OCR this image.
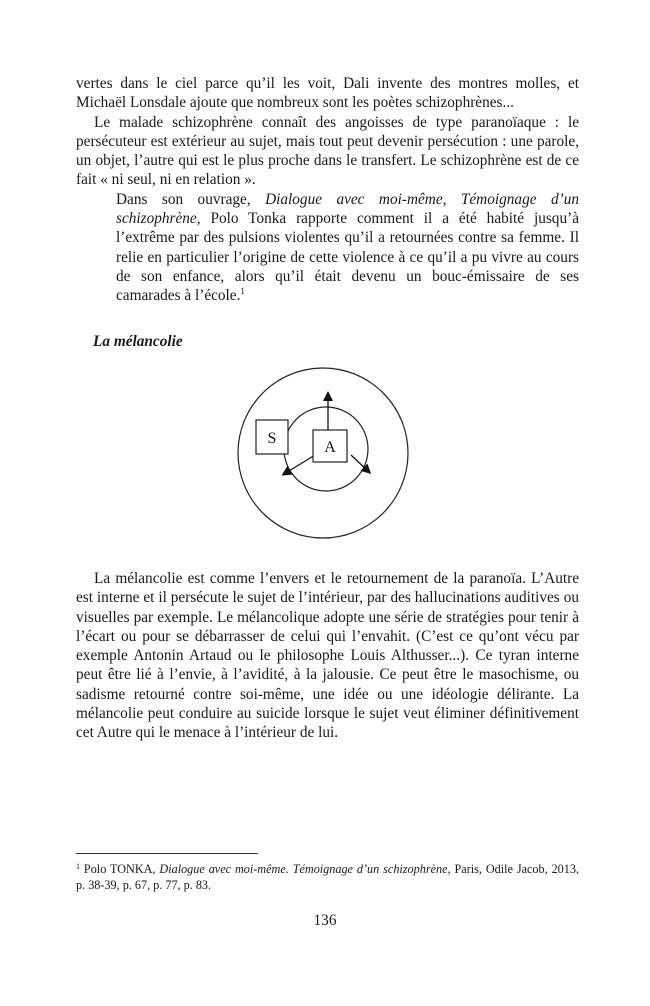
vertes dans le ciel parce qu’il les voit, Dali invente des montres molles, et Michaël Lonsdale ajoute que nombreux sont les poètes schizophrènes...

Le malade schizophrène connaît des angoisses de type paranoïaque : le persécuteur est extérieur au sujet, mais tout peut devenir persécution : une parole, un objet, l’autre qui est le plus proche dans le transfert. Le schizophrène est de ce fait « ni seul, ni en relation ».

Dans son ouvrage, Dialogue avec moi-même, Témoignage d’un schizophrène, Polo Tonka rapporte comment il a été habité jusqu’à l’extrême par des pulsions violentes qu’il a retournées contre sa femme. Il relie en particulier l’origine de cette violence à ce qu’il a pu vivre au cours de son enfance, alors qu’il était devenu un bouc-émissaire de ses camarades à l’école.$^1$

La mélancolie
S
A

La mélancolie est comme l’envers et le retournement de la paranoïa. L’Autre est interne et il persécute le sujet de l’intérieur, par des hallucinations auditives ou visuelles par exemple. Le mélancolique adopte une série de stratégies pour tenir à l’écart ou pour se débarrasser de celui qui l’envahit. (C’est ce qu’ont vécu par exemple Antonin Artaud ou le philosophe Louis Althusser...). Ce tyran interne peut être lié à l’envie, à l’avidité, à la jalousie. Ce peut être le masochisme, ou sadisme retourné contre soi-même, une idée ou une idéologie délirante. La mélancolie peut conduire au suicide lorsque le sujet veut éliminer définitivement cet Autre qui le menace à l’intérieur de lui.

$^1$ Polo TONKA, Dialogue avec moi-même. Témoignage d’un schizophrène, Paris, Odile Jacob, 2013, p. 38-39, p. 67, p. 77, p. 83.
136
